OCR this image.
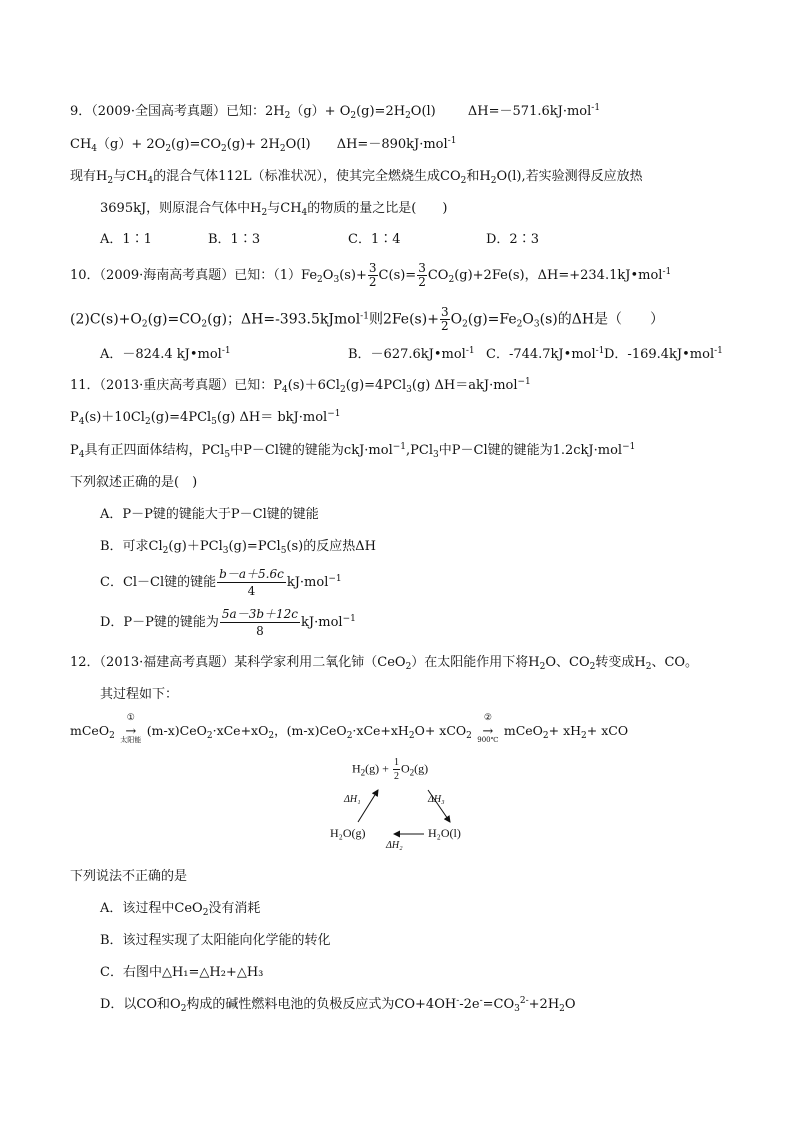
9．（2009·全国高考真题）已知：$2H_2(g)+ O_2(g)=2H_2O(l)$ ΔH=－571.6kJ·mol$^{-1}$
$CH_4(g)+ 2O_2(g)=CO_2(g)+ 2H_2O(l)$ ΔH=－890kJ·mol$^{-1}$
现有$H_2$与$CH_4$的混合气体112L（标准状况），使其完全燃烧生成$CO_2$和$H_2O(l)$,若实验测得反应放热
3695kJ，则原混合气体中$H_2$与$CH_4$的物质的量之比是(　　)
A．1∶1	B．1∶3	C．1∶4	D．2∶3
10．（2009·海南高考真题）已知：$(1)Fe_2O_3(s)+ \frac{3}{2} C(s)= \frac{3}{2} CO_2(g)+2Fe(s)$，ΔH=+234.1kJ•mol$^{-1}$
$(2)C(s)+O_2(g)=CO_2(g)$；ΔH=-393.5kJmol$^{-1}$则$2Fe(s)+ \frac{3}{2} O_2(g)=Fe_2O_3(s)$的ΔH是（　　）
A．－824.4 kJ•mol$^{-1}$	B．－627.6kJ•mol$^{-1}$ C．-744.7kJ•mol$^{-1}$D．-169.4kJ•mol$^{-1}$
11．（2013·重庆高考真题）已知：$P_4(s)+6Cl_2(g)=4PCl_3(g)$ ΔH＝akJ·mol$^{-1}$
$P_4(s)+10Cl_2(g)=4PCl_5(g)$ ΔH＝ bkJ·mol$^{-1}$
$P_4$具有正四面体结构，PCl$_5$中P－Cl键的键能为ckJ·mol$^{-1}$,PCl$_3$中P－Cl键的键能为1.2ckJ·mol$^{-1}$
下列叙述正确的是(　)
A．P－P键的键能大于P－Cl键的键能
B．可求$Cl_2(g)+PCl_3(g)=PCl_5(s)$的反应热ΔH
C．Cl－Cl键的键能 $\frac{b-a+5.6c}{4} kJ\cdot mol^{-1}$
D．P－P键的键能为 $\frac{5a-3b+12c}{8} kJ\cdot mol^{-1}$
12．（2013·福建高考真题）某科学家利用二氧化铈（CeO$_2$）在太阳能作用下将$H_2O$、$CO_2$转变成$H_2$、CO。
其过程如下：
mCeO$_2$
①
→
太阳能
$(m-x)CeO_2\cdot xCe+xO_2$，$(m-x)CeO_2\cdot xCe+xH_2O+ xCO_2$
②
→
900℃
mCeO$_2$+ $xH_2+$ xCO
$H_2(g) + \frac{1}{2} O_2(g)$
H₂O(g)	H₂O(l)
ΔH₁
ΔH₂
ΔH₃
下列说法不正确的是
A．该过程中CeO$_2$没有消耗
B．该过程实现了太阳能向化学能的转化
C．右图中△H₁=△H₂+△H₃
D．以CO和$O_2$构成的碱性燃料电池的负极反应式为$CO+4OH^--2e^-=CO_3^{2-}+2H_2O$
